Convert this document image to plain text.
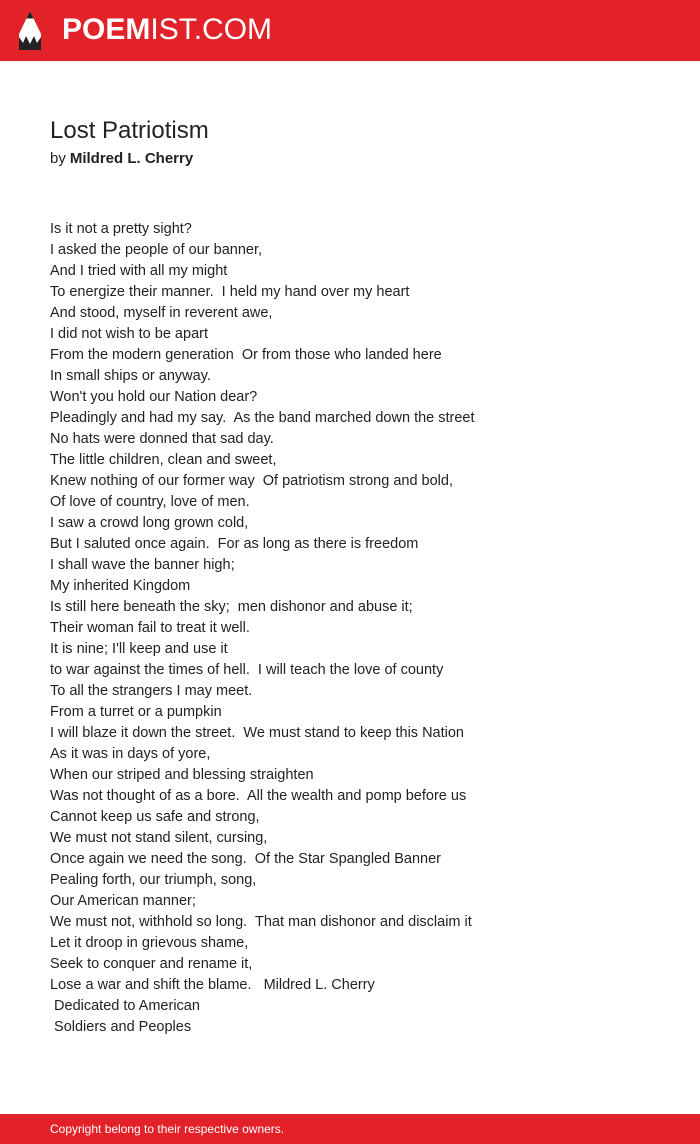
POEMIST.COM
Lost Patriotism
by Mildred L. Cherry
Is it not a pretty sight?
I asked the people of our banner,
And I tried with all my might
To energize their manner.  I held my hand over my heart
And stood, myself in reverent awe,
I did not wish to be apart
From the modern generation  Or from those who landed here
In small ships or anyway.
Won't you hold our Nation dear?
Pleadingly and had my say.  As the band marched down the street
No hats were donned that sad day.
The little children, clean and sweet,
Knew nothing of our former way  Of patriotism strong and bold,
Of love of country, love of men.
I saw a crowd long grown cold,
But I saluted once again.  For as long as there is freedom
I shall wave the banner high;
My inherited Kingdom
Is still here beneath the sky;  men dishonor and abuse it;
Their woman fail to treat it well.
It is nine; I'll keep and use it
to war against the times of hell.  I will teach the love of county
To all the strangers I may meet.
From a turret or a pumpkin
I will blaze it down the street.  We must stand to keep this Nation
As it was in days of yore,
When our striped and blessing straighten
Was not thought of as a bore.  All the wealth and pomp before us
Cannot keep us safe and strong,
We must not stand silent, cursing,
Once again we need the song.  Of the Star Spangled Banner
Pealing forth, our triumph, song,
Our American manner;
We must not, withhold so long.  That man dishonor and disclaim it
Let it droop in grievous shame,
Seek to conquer and rename it,
Lose a war and shift the blame.   Mildred L. Cherry
Dedicated to American
Soldiers and Peoples
Copyright belong to their respective owners.
